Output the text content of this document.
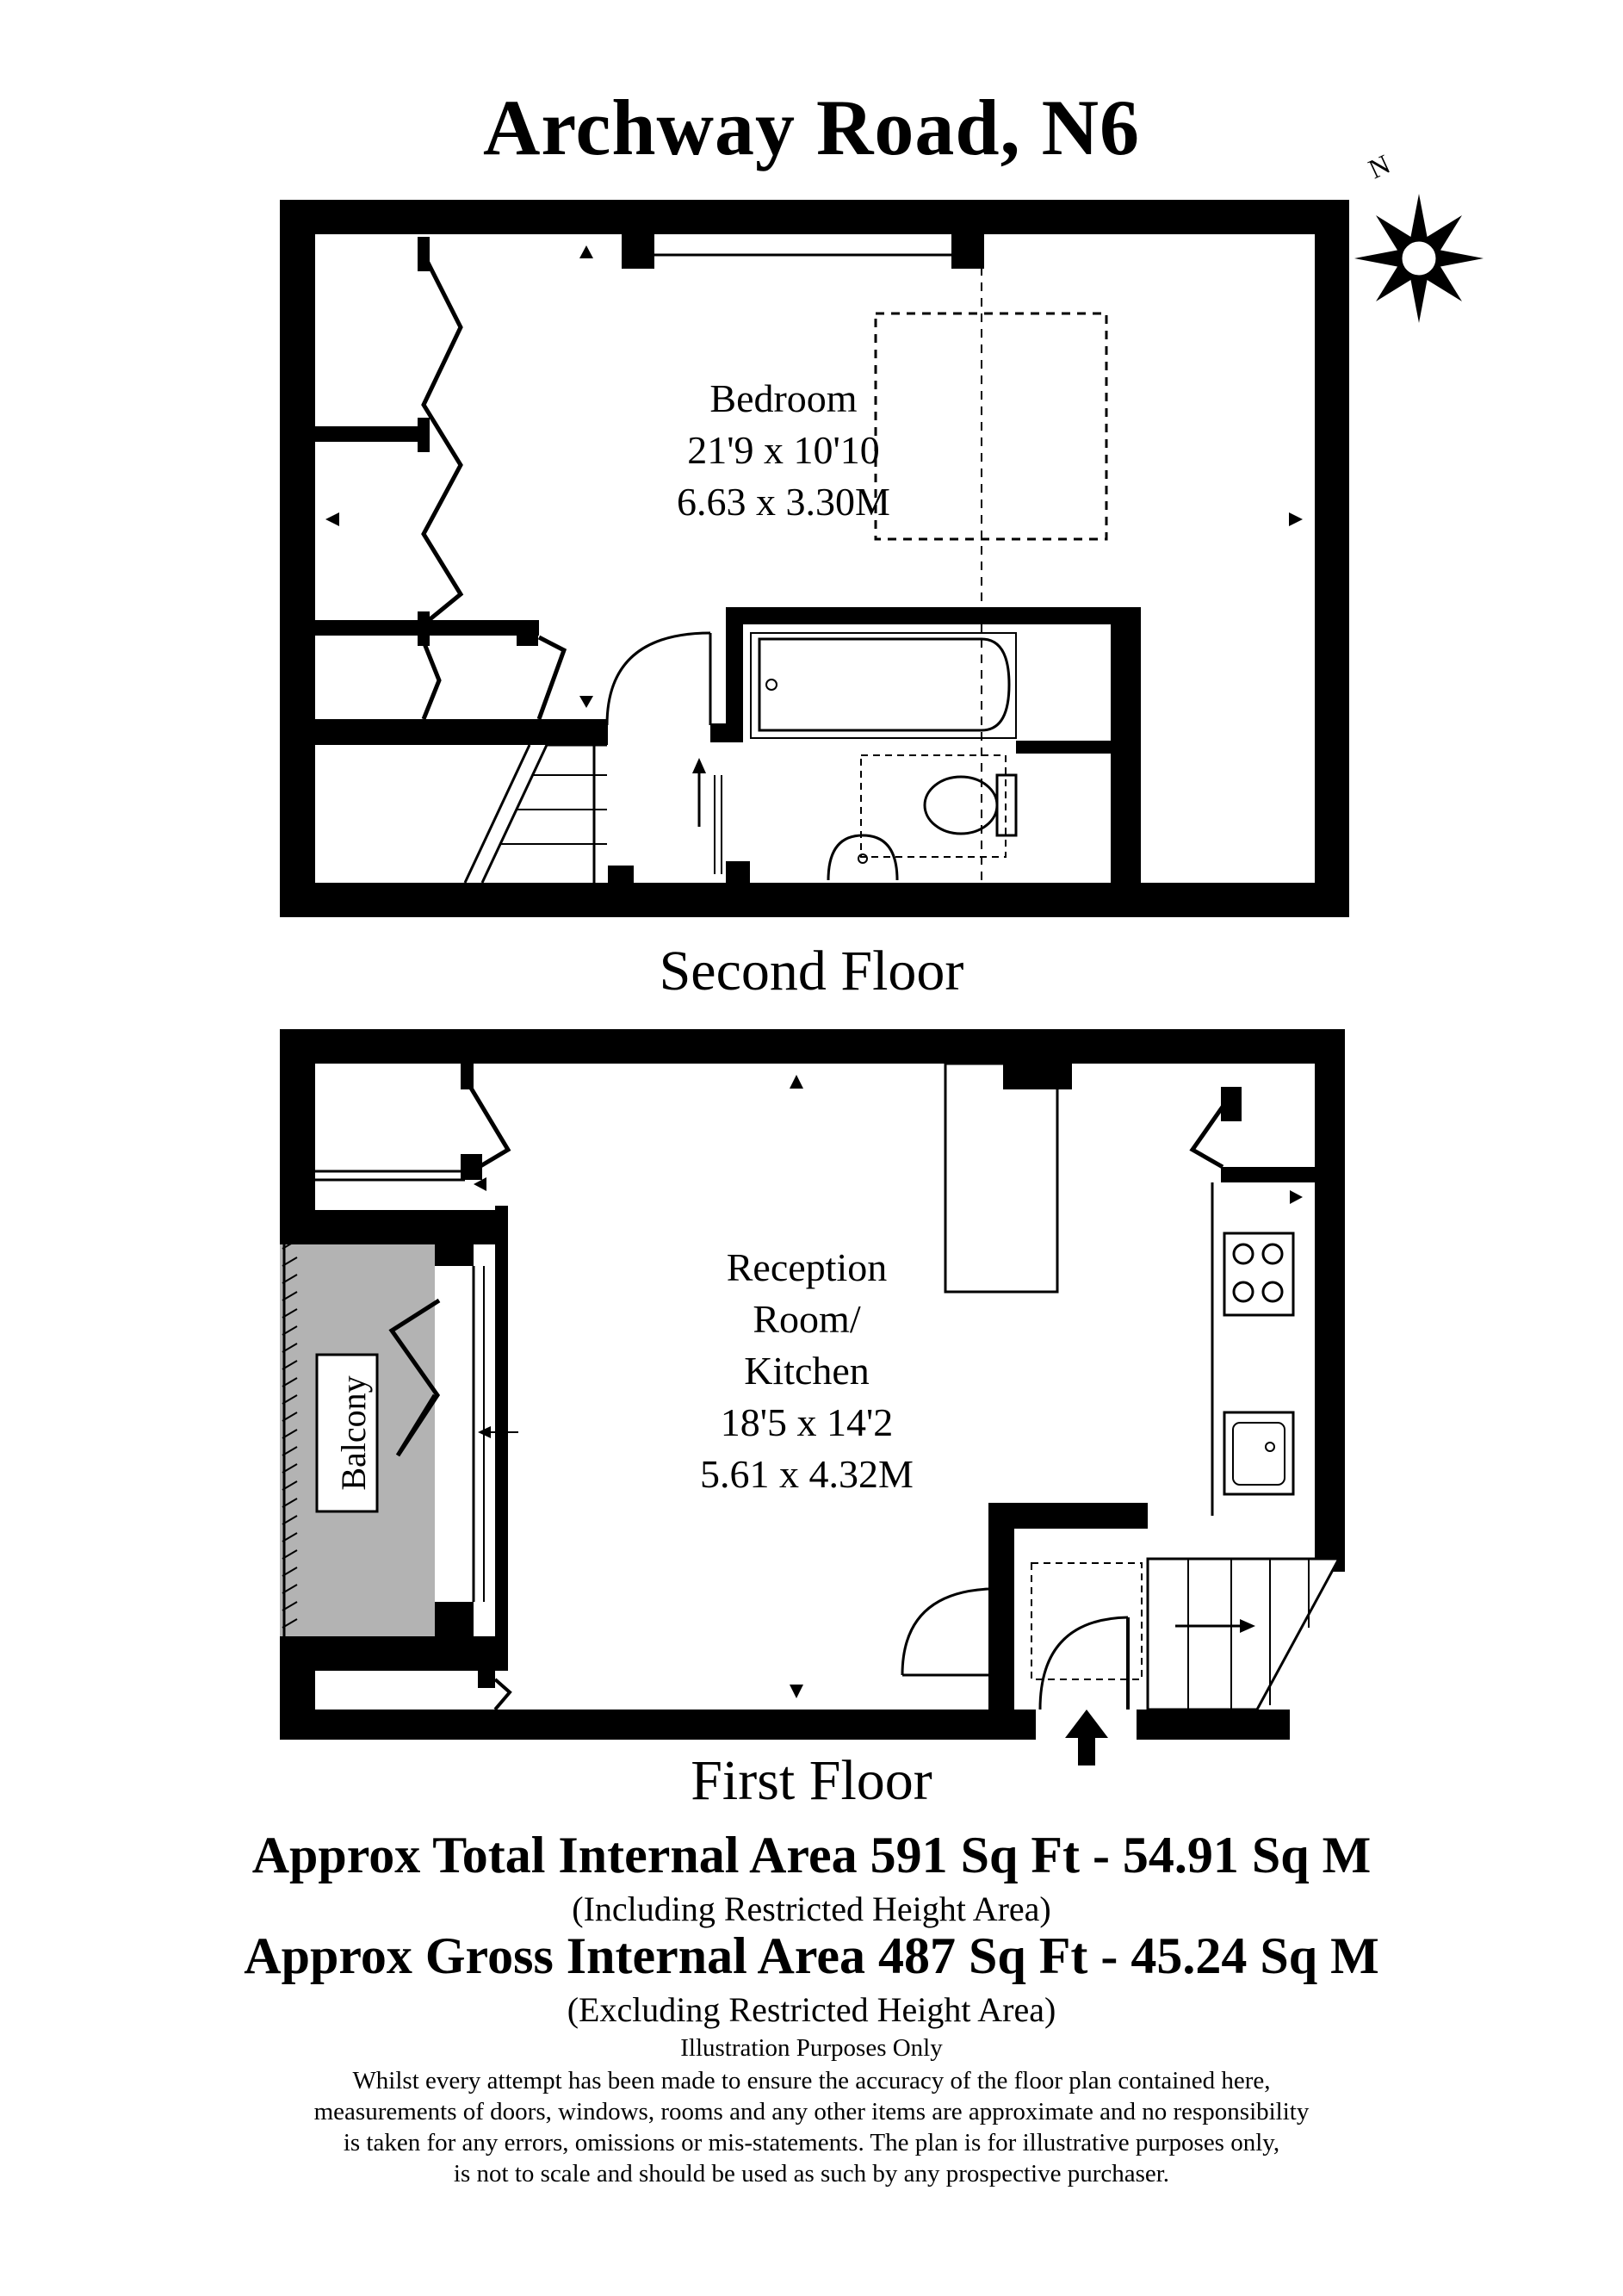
Archway Road, N6	N
Bedroom
21'9 x 10'10
6.63 x 3.30M
Balcony
Reception
Room/
Kitchen
18'5 x 14'2
5.61 x 4.32M
Second Floor
First Floor
Approx Total Internal Area 591 Sq Ft - 54.91 Sq M
(Including Restricted Height Area)
Approx Gross Internal Area 487 Sq Ft - 45.24 Sq M
(Excluding Restricted Height Area)
Illustration Purposes Only
Whilst every attempt has been made to ensure the accuracy of the floor plan contained here,
measurements of doors, windows, rooms and any other items are approximate and no responsibility
is taken for any errors, omissions or mis-statements. The plan is for illustrative purposes only,
is not to scale and should be used as such by any prospective purchaser.
